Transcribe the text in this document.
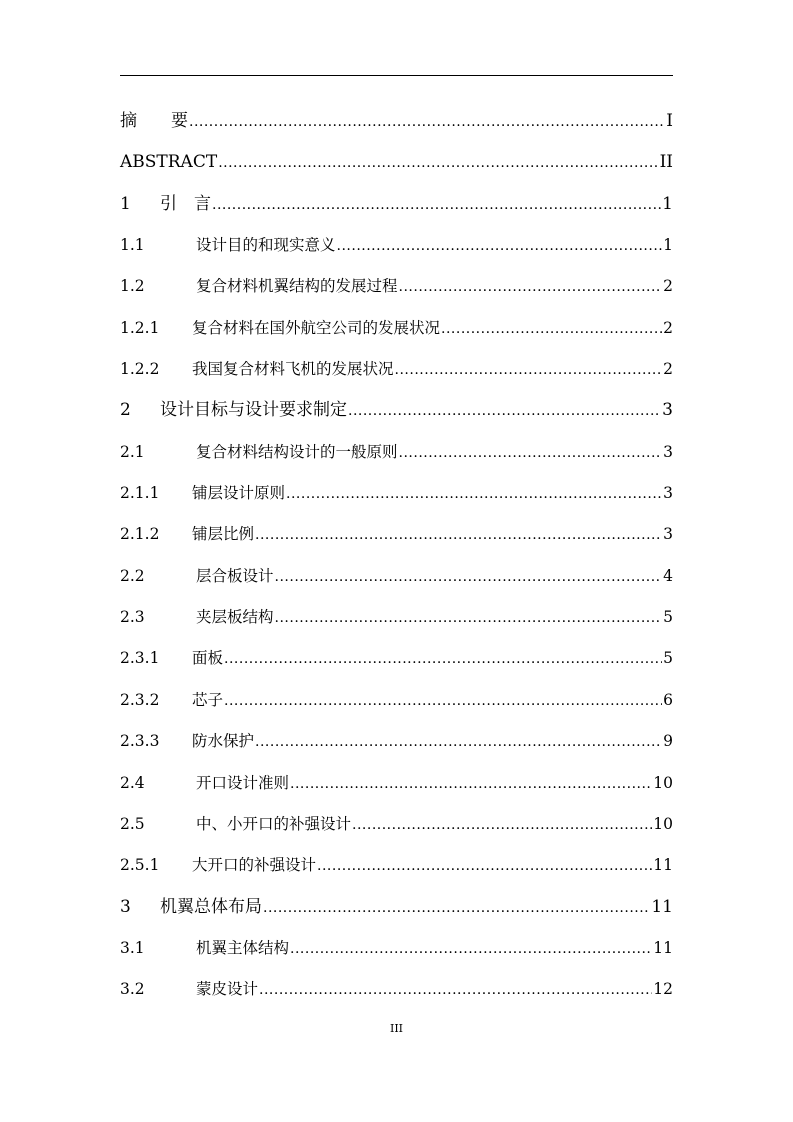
摘　　要 .....	I
ABSTRACT .....	II
1	引　言 .....	1
1.1	设计目的和现实意义 .....	1
1.2	复合材料机翼结构的发展过程 .....	2
1.2.1	复合材料在国外航空公司的发展状况 .....	2
1.2.2	我国复合材料飞机的发展状况 .....	2
2	设计目标与设计要求制定 .....	3
2.1	复合材料结构设计的一般原则 .....	3
2.1.1	铺层设计原则 .....	3
2.1.2	铺层比例 .....	3
2.2	层合板设计 .....	4
2.3	夹层板结构 .....	5
2.3.1	面板 .....	5
2.3.2	芯子 .....	6
2.3.3	防水保护 .....	9
2.4	开口设计准则 .....	10
2.5	中、小开口的补强设计 .....	10
2.5.1	大开口的补强设计 .....	11
3	机翼总体布局 .....	11
3.1	机翼主体结构 .....	11
3.2	蒙皮设计 .....	12
III
